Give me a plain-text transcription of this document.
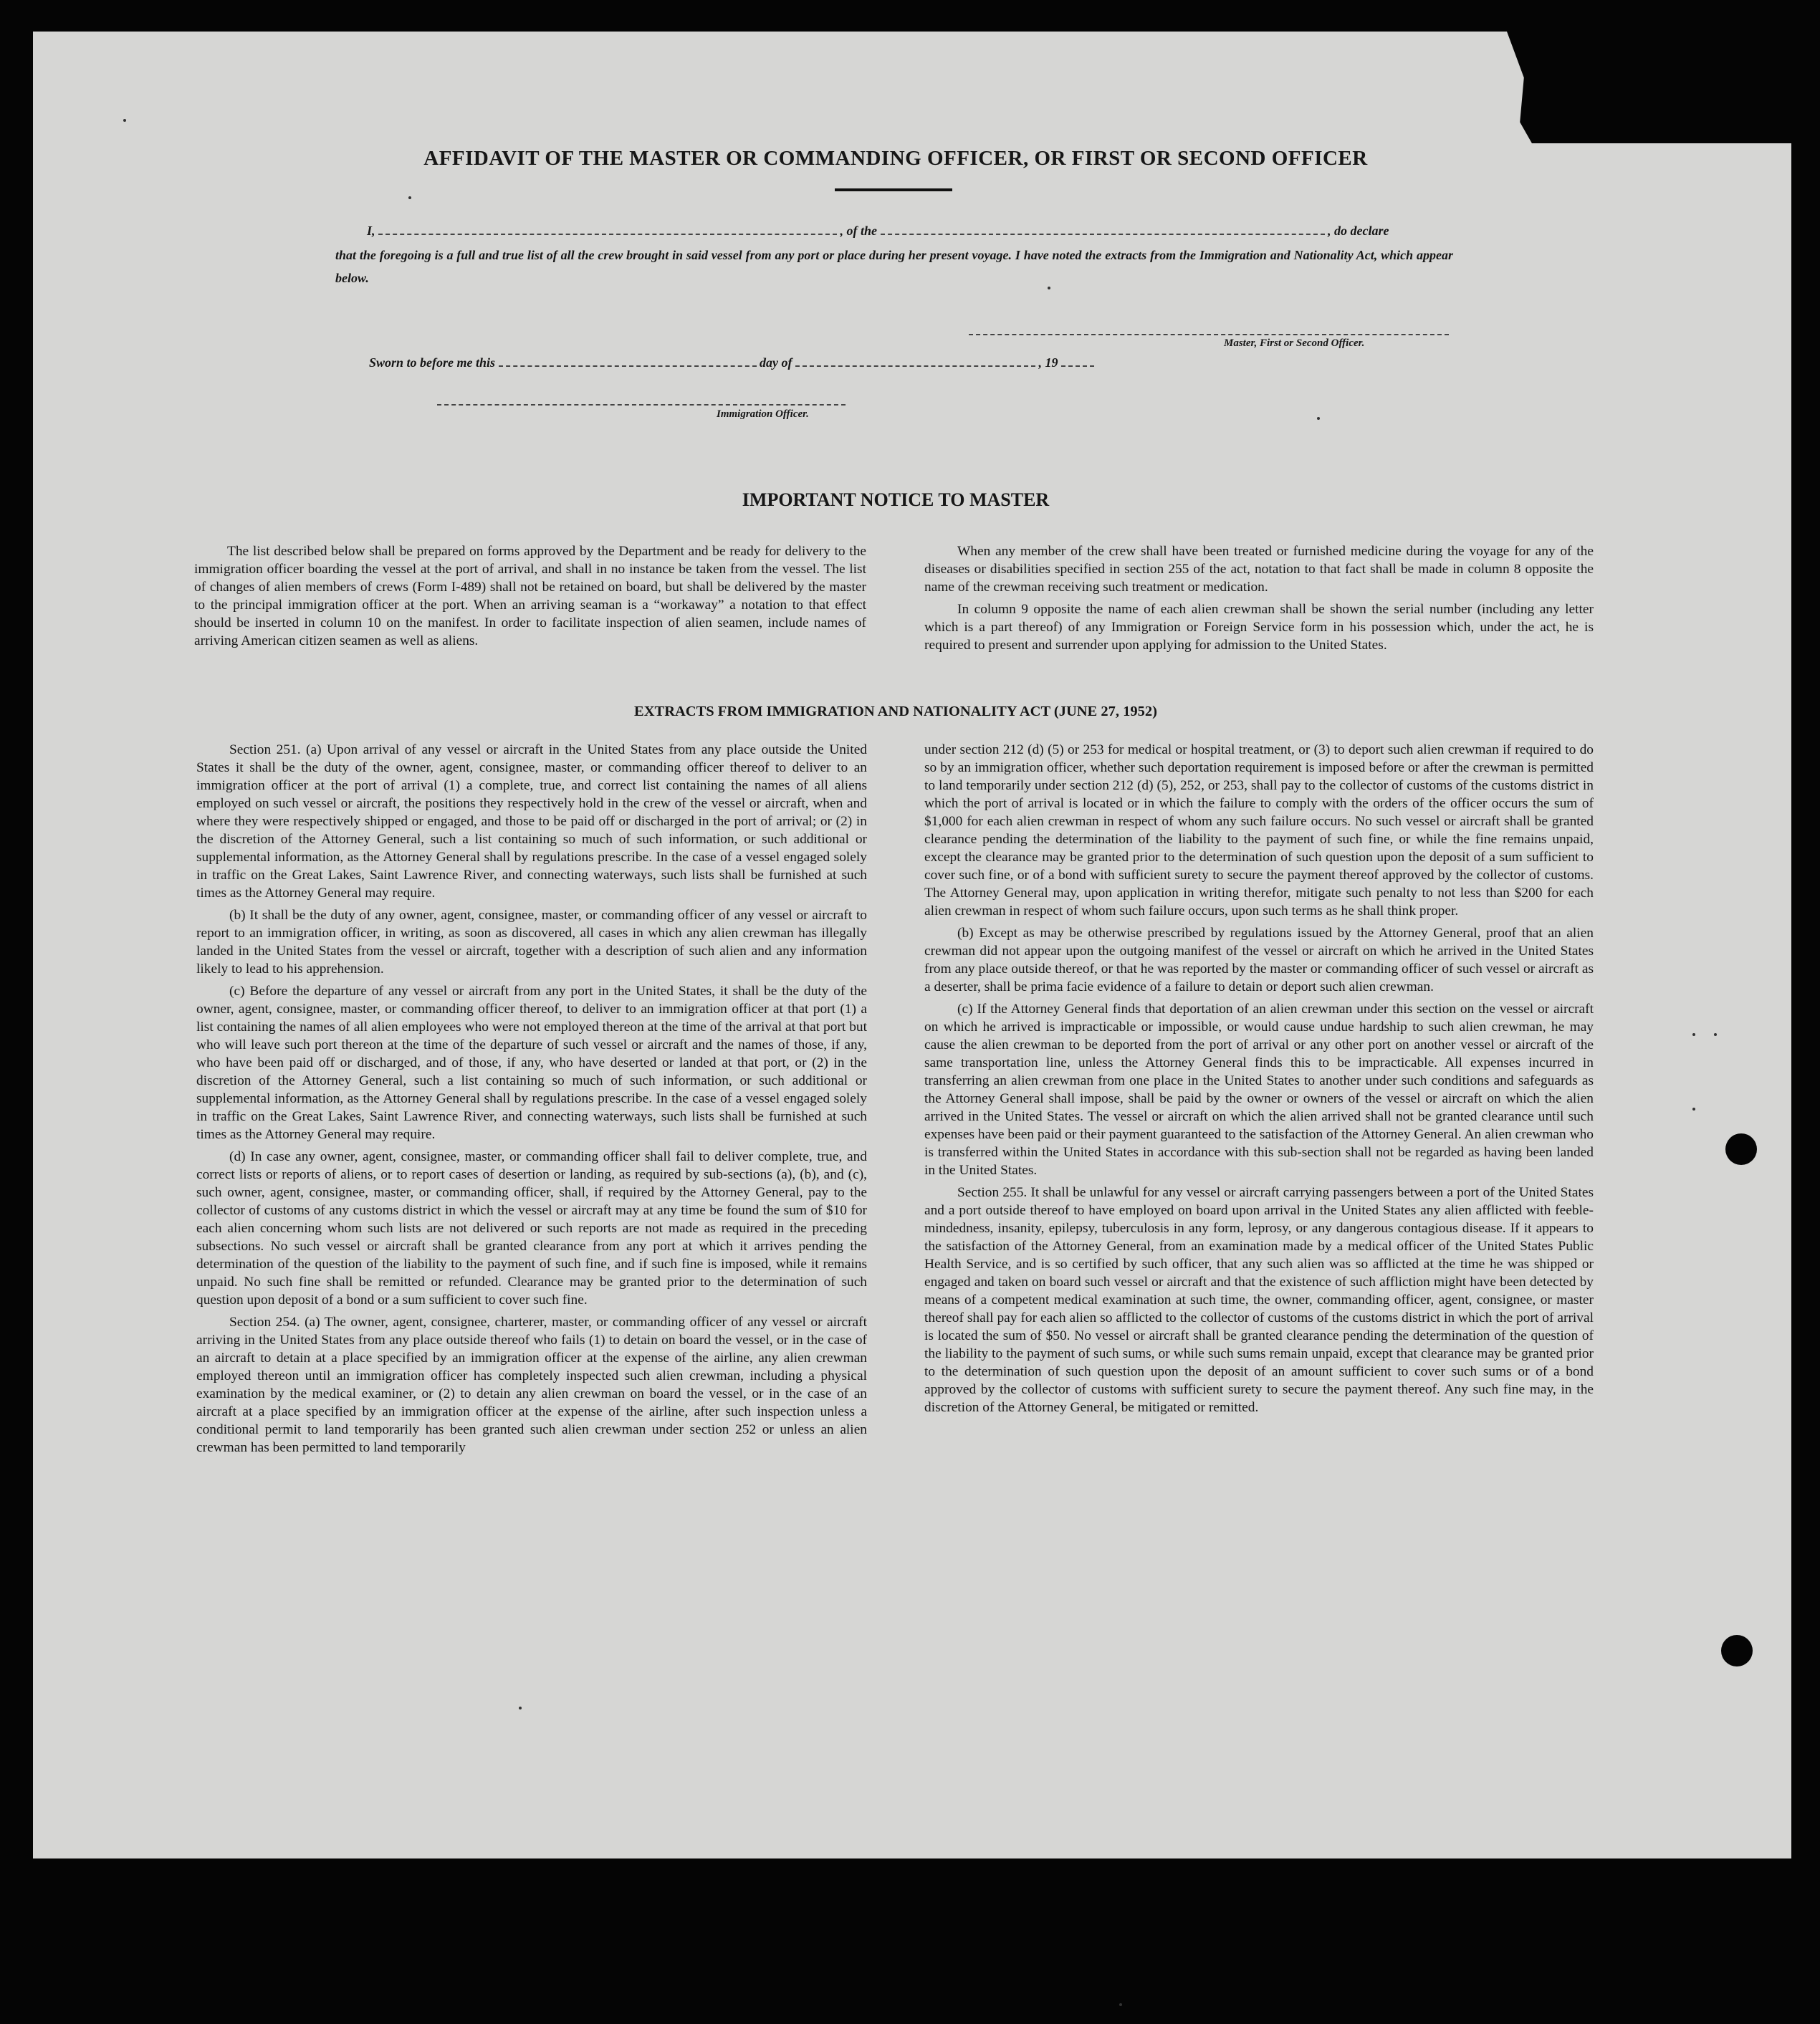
AFFIDAVIT OF THE MASTER OR COMMANDING OFFICER, OR FIRST OR SECOND OFFICER
I,	, of the	, do declare

that the foregoing is a full and true list of all the crew brought in said vessel from any port or place during her present voyage. I have noted the extracts from the Immigration and Nationality Act, which appear below.

Master, First or Second Officer.

Sworn to before me this	day of	, 19

Immigration Officer.

IMPORTANT NOTICE TO MASTER

The list described below shall be prepared on forms approved by the Department and be ready for delivery to the immigration officer boarding the vessel at the port of arrival, and shall in no instance be taken from the vessel. The list of changes of alien members of crews (Form I-489) shall not be retained on board, but shall be delivered by the master to the principal immigration officer at the port. When an arriving seaman is a “workaway” a notation to that effect should be inserted in column 10 on the manifest. In order to facilitate inspection of alien seamen, include names of arriving American citizen seamen as well as aliens.

When any member of the crew shall have been treated or furnished medicine during the voyage for any of the diseases or disabilities specified in section 255 of the act, notation to that fact shall be made in column 8 opposite the name of the crewman receiving such treatment or medication.

In column 9 opposite the name of each alien crewman shall be shown the serial number (including any letter which is a part thereof) of any Immigration or Foreign Service form in his possession which, under the act, he is required to present and surrender upon applying for admission to the United States.

EXTRACTS FROM IMMIGRATION AND NATIONALITY ACT (JUNE 27, 1952)

Section 251. (a) Upon arrival of any vessel or aircraft in the United States from any place outside the United States it shall be the duty of the owner, agent, consignee, master, or commanding officer thereof to deliver to an immigration officer at the port of arrival (1) a complete, true, and correct list containing the names of all aliens employed on such vessel or aircraft, the positions they respectively hold in the crew of the vessel or aircraft, when and where they were respectively shipped or engaged, and those to be paid off or discharged in the port of arrival; or (2) in the discretion of the Attorney General, such a list containing so much of such information, or such additional or supplemental information, as the Attorney General shall by regulations prescribe. In the case of a vessel engaged solely in traffic on the Great Lakes, Saint Lawrence River, and connecting waterways, such lists shall be furnished at such times as the Attorney General may require.

(b) It shall be the duty of any owner, agent, consignee, master, or commanding officer of any vessel or aircraft to report to an immigration officer, in writing, as soon as discovered, all cases in which any alien crewman has illegally landed in the United States from the vessel or aircraft, together with a description of such alien and any information likely to lead to his apprehension.

(c) Before the departure of any vessel or aircraft from any port in the United States, it shall be the duty of the owner, agent, consignee, master, or commanding officer thereof, to deliver to an immigration officer at that port (1) a list containing the names of all alien employees who were not employed thereon at the time of the arrival at that port but who will leave such port thereon at the time of the departure of such vessel or aircraft and the names of those, if any, who have been paid off or discharged, and of those, if any, who have deserted or landed at that port, or (2) in the discretion of the Attorney General, such a list containing so much of such information, or such additional or supplemental information, as the Attorney General shall by regulations prescribe. In the case of a vessel engaged solely in traffic on the Great Lakes, Saint Lawrence River, and connecting waterways, such lists shall be furnished at such times as the Attorney General may require.

(d) In case any owner, agent, consignee, master, or commanding officer shall fail to deliver complete, true, and correct lists or reports of aliens, or to report cases of desertion or landing, as required by sub-sections (a), (b), and (c), such owner, agent, consignee, master, or commanding officer, shall, if required by the Attorney General, pay to the collector of customs of any customs district in which the vessel or aircraft may at any time be found the sum of $10 for each alien concerning whom such lists are not delivered or such reports are not made as required in the preceding subsections. No such vessel or aircraft shall be granted clearance from any port at which it arrives pending the determination of the question of the liability to the payment of such fine, and if such fine is imposed, while it remains unpaid. No such fine shall be remitted or refunded. Clearance may be granted prior to the determination of such question upon deposit of a bond or a sum sufficient to cover such fine.

Section 254. (a) The owner, agent, consignee, charterer, master, or commanding officer of any vessel or aircraft arriving in the United States from any place outside thereof who fails (1) to detain on board the vessel, or in the case of an aircraft to detain at a place specified by an immigration officer at the expense of the airline, any alien crewman employed thereon until an immigration officer has completely inspected such alien crewman, including a physical examination by the medical examiner, or (2) to detain any alien crewman on board the vessel, or in the case of an aircraft at a place specified by an immigration officer at the expense of the airline, after such inspection unless a conditional permit to land temporarily has been granted such alien crewman under section 252 or unless an alien crewman has been permitted to land temporarily

under section 212 (d) (5) or 253 for medical or hospital treatment, or (3) to deport such alien crewman if required to do so by an immigration officer, whether such deportation requirement is imposed before or after the crewman is permitted to land temporarily under section 212 (d) (5), 252, or 253, shall pay to the collector of customs of the customs district in which the port of arrival is located or in which the failure to comply with the orders of the officer occurs the sum of $1,000 for each alien crewman in respect of whom any such failure occurs. No such vessel or aircraft shall be granted clearance pending the determination of the liability to the payment of such fine, or while the fine remains unpaid, except the clearance may be granted prior to the determination of such question upon the deposit of a sum sufficient to cover such fine, or of a bond with sufficient surety to secure the payment thereof approved by the collector of customs. The Attorney General may, upon application in writing therefor, mitigate such penalty to not less than $200 for each alien crewman in respect of whom such failure occurs, upon such terms as he shall think proper.

(b) Except as may be otherwise prescribed by regulations issued by the Attorney General, proof that an alien crewman did not appear upon the outgoing manifest of the vessel or aircraft on which he arrived in the United States from any place outside thereof, or that he was reported by the master or commanding officer of such vessel or aircraft as a deserter, shall be prima facie evidence of a failure to detain or deport such alien crewman.

(c) If the Attorney General finds that deportation of an alien crewman under this section on the vessel or aircraft on which he arrived is impracticable or impossible, or would cause undue hardship to such alien crewman, he may cause the alien crewman to be deported from the port of arrival or any other port on another vessel or aircraft of the same transportation line, unless the Attorney General finds this to be impracticable. All expenses incurred in transferring an alien crewman from one place in the United States to another under such conditions and safeguards as the Attorney General shall impose, shall be paid by the owner or owners of the vessel or aircraft on which the alien arrived in the United States. The vessel or aircraft on which the alien arrived shall not be granted clearance until such expenses have been paid or their payment guaranteed to the satisfaction of the Attorney General. An alien crewman who is transferred within the United States in accordance with this sub-section shall not be regarded as having been landed in the United States.

Section 255. It shall be unlawful for any vessel or aircraft carrying passengers between a port of the United States and a port outside thereof to have employed on board upon arrival in the United States any alien afflicted with feeble-mindedness, insanity, epilepsy, tuberculosis in any form, leprosy, or any dangerous contagious disease. If it appears to the satisfaction of the Attorney General, from an examination made by a medical officer of the United States Public Health Service, and is so certified by such officer, that any such alien was so afflicted at the time he was shipped or engaged and taken on board such vessel or aircraft and that the existence of such affliction might have been detected by means of a competent medical examination at such time, the owner, commanding officer, agent, consignee, or master thereof shall pay for each alien so afflicted to the collector of customs of the customs district in which the port of arrival is located the sum of $50. No vessel or aircraft shall be granted clearance pending the determination of the question of the liability to the payment of such sums, or while such sums remain unpaid, except that clearance may be granted prior to the determination of such question upon the deposit of an amount sufficient to cover such sums or of a bond approved by the collector of customs with sufficient surety to secure the payment thereof. Any such fine may, in the discretion of the Attorney General, be mitigated or remitted.
